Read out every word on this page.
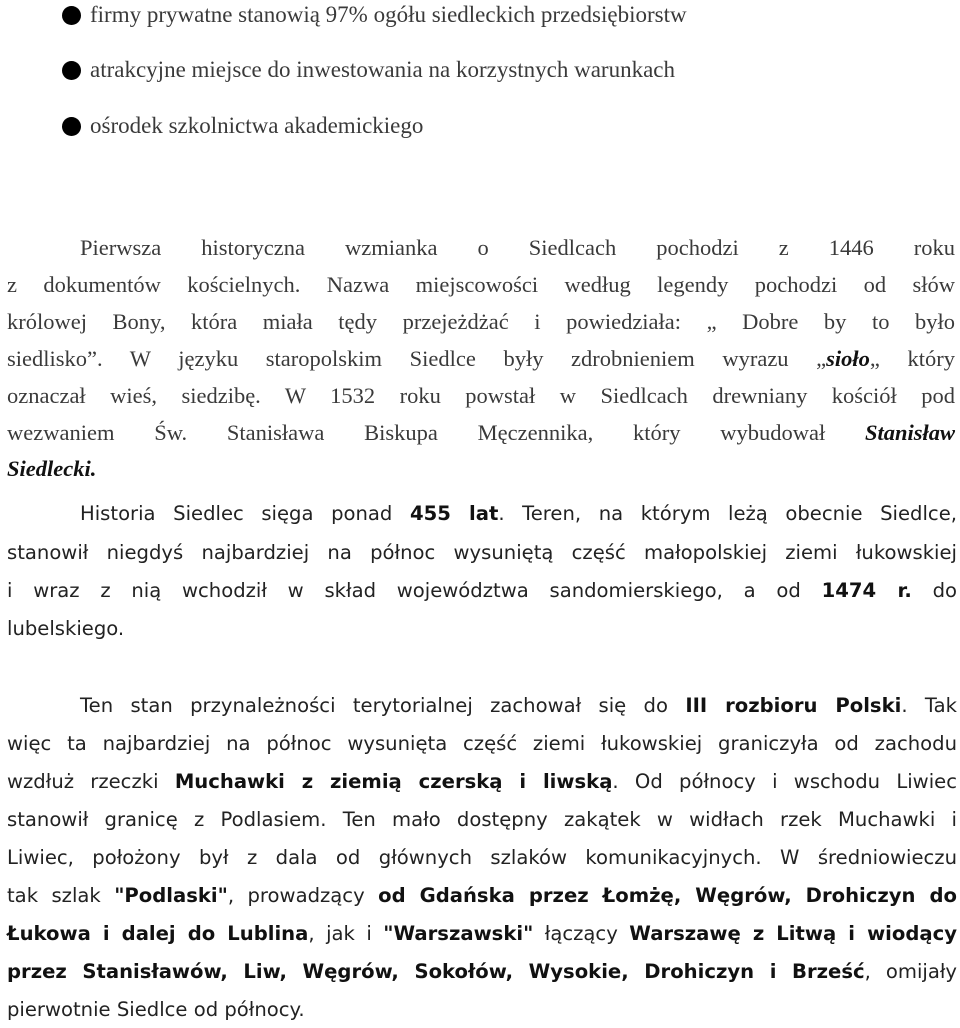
firmy prywatne stanowią 97% ogółu siedleckich przedsiębiorstw
atrakcyjne miejsce do inwestowania na korzystnych warunkach
ośrodek szkolnictwa akademickiego
Pierwsza historyczna wzmianka o Siedlcach pochodzi z 1446 roku
z dokumentów kościelnych. Nazwa miejscowości według legendy pochodzi od słów
królowej Bony, która miała tędy przejeżdżać i powiedziała: „ Dobre by to było
siedlisko”. W języku staropolskim Siedlce były zdrobnieniem wyrazu „sioło„ który
oznaczał wieś, siedzibę. W 1532 roku powstał w Siedlcach drewniany kościół pod
wezwaniem Św. Stanisława Biskupa Męczennika, który wybudował Stanisław
Siedlecki.
Historia Siedlec sięga ponad 455 lat. Teren, na którym leżą obecnie Siedlce,
stanowił niegdyś najbardziej na północ wysuniętą część małopolskiej ziemi łukowskiej
i wraz z nią wchodził w skład województwa sandomierskiego, a od 1474 r. do
lubelskiego.
Ten stan przynależności terytorialnej zachował się do III rozbioru Polski. Tak
więc ta najbardziej na północ wysunięta część ziemi łukowskiej graniczyła od zachodu
wzdłuż rzeczki Muchawki z ziemią czerską i liwską. Od północy i wschodu Liwiec
stanowił granicę z Podlasiem. Ten mało dostępny zakątek w widłach rzek Muchawki i
Liwiec, położony był z dala od głównych szlaków komunikacyjnych. W średniowieczu
tak szlak "Podlaski", prowadzący od Gdańska przez Łomżę, Węgrów, Drohiczyn do
Łukowa i dalej do Lublina, jak i "Warszawski" łączący Warszawę z Litwą i wiodący
przez Stanisławów, Liw, Węgrów, Sokołów, Wysokie, Drohiczyn i Brześć, omijały
pierwotnie Siedlce od północy.
